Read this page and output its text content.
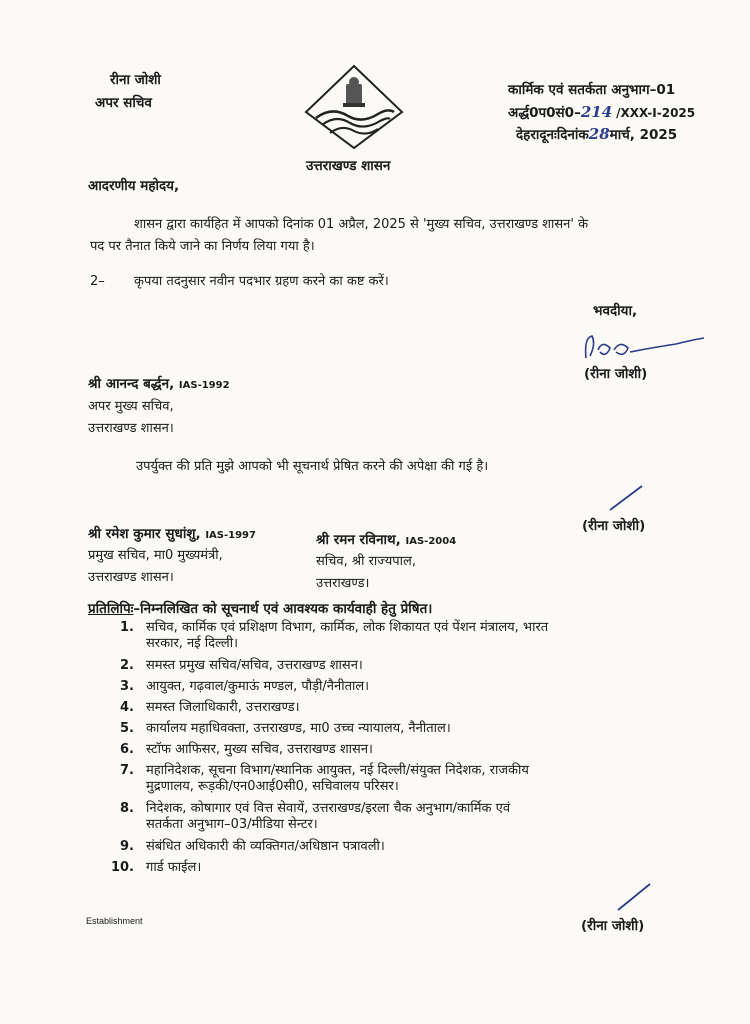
रीना जोशी
अपर सचिव
उत्तराखण्ड शासन
कार्मिक एवं सतर्कता अनुभाग–01
अर्द्ध0प0सं0–214 /XXX-I-2025
देहरादूनःदिनांक28मार्च, 2025
आदरणीय महोदय,
शासन द्वारा कार्यहित में आपको दिनांक 01 अप्रैल, 2025 से 'मुख्य सचिव, उत्तराखण्ड शासन' के
पद पर तैनात किये जाने का निर्णय लिया गया है।
2– कृपया तदनुसार नवीन पदभार ग्रहण करने का कष्ट करें।
भवदीया,
(रीना जोशी)
श्री आनन्द बर्द्धन, IAS-1992
अपर मुख्य सचिव,
उत्तराखण्ड शासन।
उपर्युक्त की प्रति मुझे आपको भी सूचनार्थ प्रेषित करने की अपेक्षा की गई है।
(रीना जोशी)
श्री रमेश कुमार सुधांशु, IAS-1997
प्रमुख सचिव, मा0 मुख्यमंत्री,
उत्तराखण्ड शासन।
श्री रमन रविनाथ, IAS-2004
सचिव, श्री राज्यपाल,
उत्तराखण्ड।
प्रतिलिपिः–निम्नलिखित को सूचनार्थ एवं आवश्यक कार्यवाही हेतु प्रेषित।
1. सचिव, कार्मिक एवं प्रशिक्षण विभाग, कार्मिक, लोक शिकायत एवं पेंशन मंत्रालय, भारत
सरकार, नई दिल्ली।
2. समस्त प्रमुख सचिव/सचिव, उत्तराखण्ड शासन।
3. आयुक्त, गढ़वाल/कुमाऊं मण्डल, पौड़ी/नैनीताल।
4. समस्त जिलाधिकारी, उत्तराखण्ड।
5. कार्यालय महाधिवक्ता, उत्तराखण्ड, मा0 उच्च न्यायालय, नैनीताल।
6. स्टॉफ आफिसर, मुख्य सचिव, उत्तराखण्ड शासन।
7. महानिदेशक, सूचना विभाग/स्थानिक आयुक्त, नई दिल्ली/संयुक्त निदेशक, राजकीय
मुद्रणालय, रूड़की/एन0आई0सी0, सचिवालय परिसर।
8. निदेशक, कोषागार एवं वित्त सेवायें, उत्तराखण्ड/इरला चैक अनुभाग/कार्मिक एवं
सतर्कता अनुभाग–03/मीडिया सेन्टर।
9. संबंधित अधिकारी की व्यक्तिगत/अधिष्ठान पत्रावली।
10. गार्ड फाईल।
(रीना जोशी)
Establishment
